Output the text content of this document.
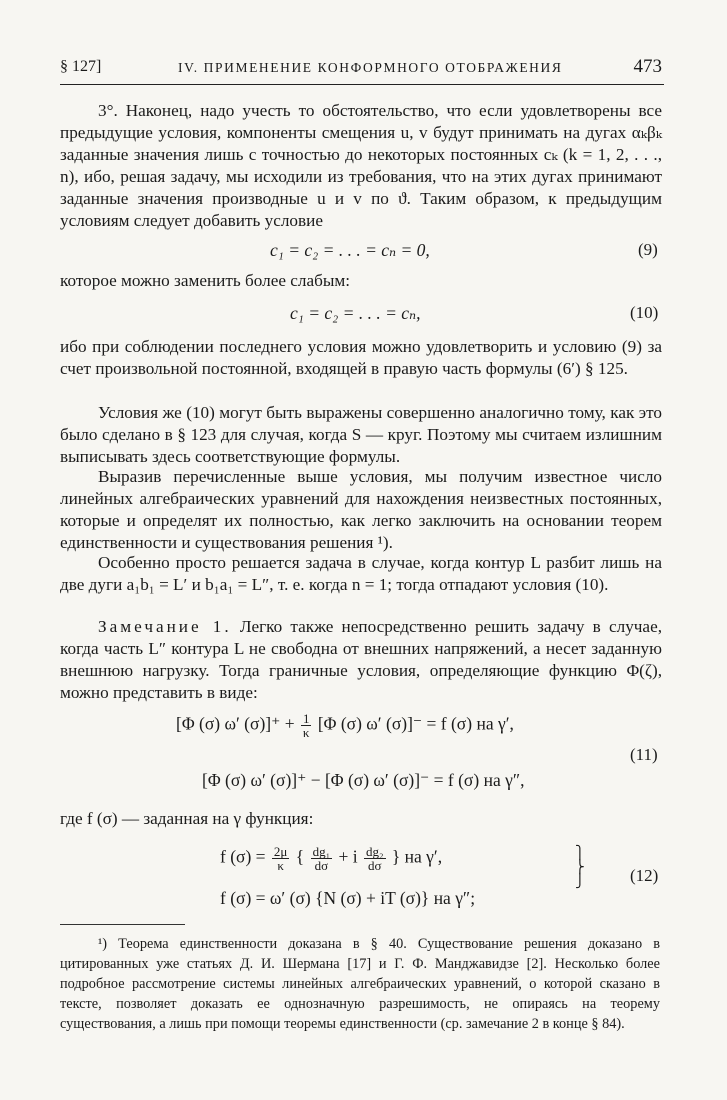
§ 127]	IV. ПРИМЕНЕНИЕ КОНФОРМНОГО ОТОБРАЖЕНИЯ	473

3°. Наконец, надо учесть то обстоятельство, что если удовлетворены все предыдущие условия, компоненты смещения u, v будут принимать на дугах αₖβₖ заданные значения лишь с точностью до некоторых постоянных cₖ (k = 1, 2, . . ., n), ибо, решая задачу, мы исходили из требования, что на этих дугах принимают заданные значения производные u и v по ϑ. Таким образом, к предыдущим условиям следует добавить условие

c₁ = c₂ = . . . = cₙ = 0,	(9)

которое можно заменить более слабым:

c₁ = c₂ = . . . = cₙ,	(10)

ибо при соблюдении последнего условия можно удовлетворить и условию (9) за счет произвольной постоянной, входящей в правую часть формулы (6′) § 125.

Условия же (10) могут быть выражены совершенно аналогично тому, как это было сделано в § 123 для случая, когда S — круг. Поэтому мы считаем излишним выписывать здесь соответствующие формулы.

Выразив перечисленные выше условия, мы получим известное число линейных алгебраических уравнений для нахождения неизвестных постоянных, которые и определят их полностью, как легко заключить на основании теорем единственности и существования решения ¹).

Особенно просто решается задача в случае, когда контур L разбит лишь на две дуги a₁b₁ = L′ и b₁a₁ = L″, т. е. когда n = 1; тогда отпадают условия (10).

Замечание 1. Легко также непосредственно решить задачу в случае, когда часть L″ контура L не свободна от внешних напряжений, а несет заданную внешнюю нагрузку. Тогда граничные условия, определяющие функцию Φ(ζ), можно представить в виде:

[Φ (σ) ω′ $(\sigma)]^+ + \frac{1}{\kappa} [\Phi$ (σ) ω′ (σ)]⁻ = f (σ) на γ′,
(11)
[Φ (σ) ω′ (σ)]⁺ − [Φ (σ) ω′ (σ)]⁻ = f (σ) на γ″,

где f (σ) — заданная на γ функция:

f $(\sigma) = \frac{2\mu}{\kappa}$ { $\frac{\text{dg₁}}{d\sigma} + i \frac{\text{dg₂}}{d\sigma}$ } на γ′,	⎫
⎬
⎭	(12)
f (σ) = ω′ (σ) {N (σ) + iT (σ)} на γ″;

¹) Теорема единственности доказана в § 40. Существование решения доказано в цитированных уже статьях Д. И. Шермана [17] и Г. Ф. Манджавидзе [2]. Несколько более подробное рассмотрение системы линейных алгебраических уравнений, о которой сказано в тексте, позволяет доказать ее однозначную разрешимость, не опираясь на теорему существования, а лишь при помощи теоремы единственности (ср. замечание 2 в конце § 84).
